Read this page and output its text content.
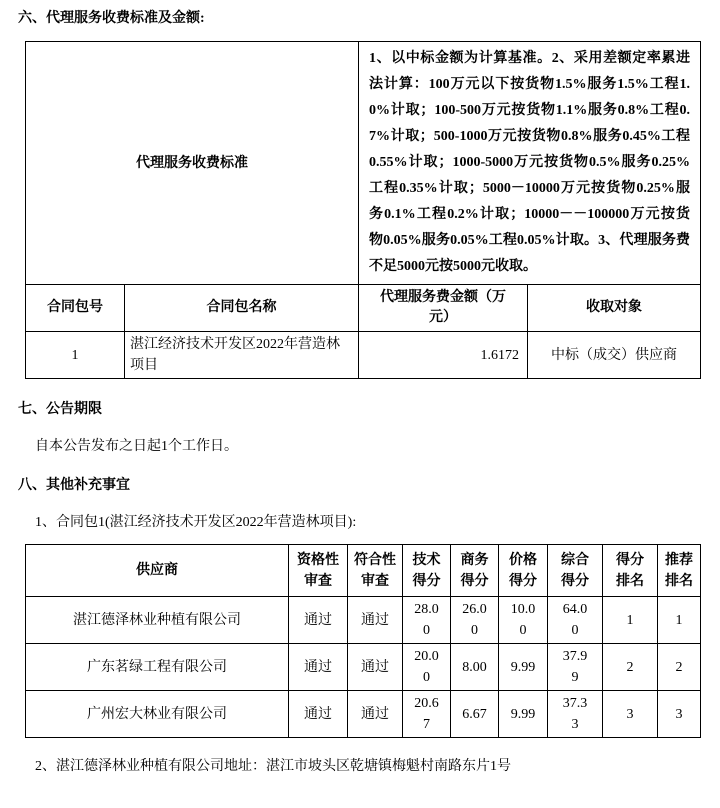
六、代理服务收费标准及金额:
代理服务收费标准		1、以中标金额为计算基准。2、采用差额定率累进法计算：100万元以下按货物1.5%服务1.5%工程1.0%计取；100-500万元按货物1.1%服务0.8%工程0.7%计取；500-1000万元按货物0.8%服务0.45%工程0.55%计取；1000-5000万元按货物0.5%服务0.25%工程0.35%计取；5000－10000万元按货物0.25%服务0.1%工程0.2%计取；10000－－100000万元按货物0.05%服务0.05%工程0.05%计取。3、代理服务费不足5000元按5000元收取。	
合同包号	合同包名称	代理服务费金额（万元）	收取对象
1	湛江经济技术开发区2022年营造林项目	1.6172	中标（成交）供应商
七、公告期限
自本公告发布之日起1个工作日。
八、其他补充事宜
1、合同包1(湛江经济技术开发区2022年营造林项目):
供应商	资格性审查	符合性审查	技术得分	商务得分	价格得分	综合得分	得分排名	推荐排名
湛江德泽林业种植有限公司	通过	通过	28.00	26.00	10.00	64.00	1	1
广东茗绿工程有限公司	通过	通过	20.00	8.00	9.99	37.99	2	2
广州宏大林业有限公司	通过	通过	20.67	6.67	9.99	37.33	3	3
2、湛江德泽林业种植有限公司地址：湛江市坡头区乾塘镇梅魁村南路东片1号
